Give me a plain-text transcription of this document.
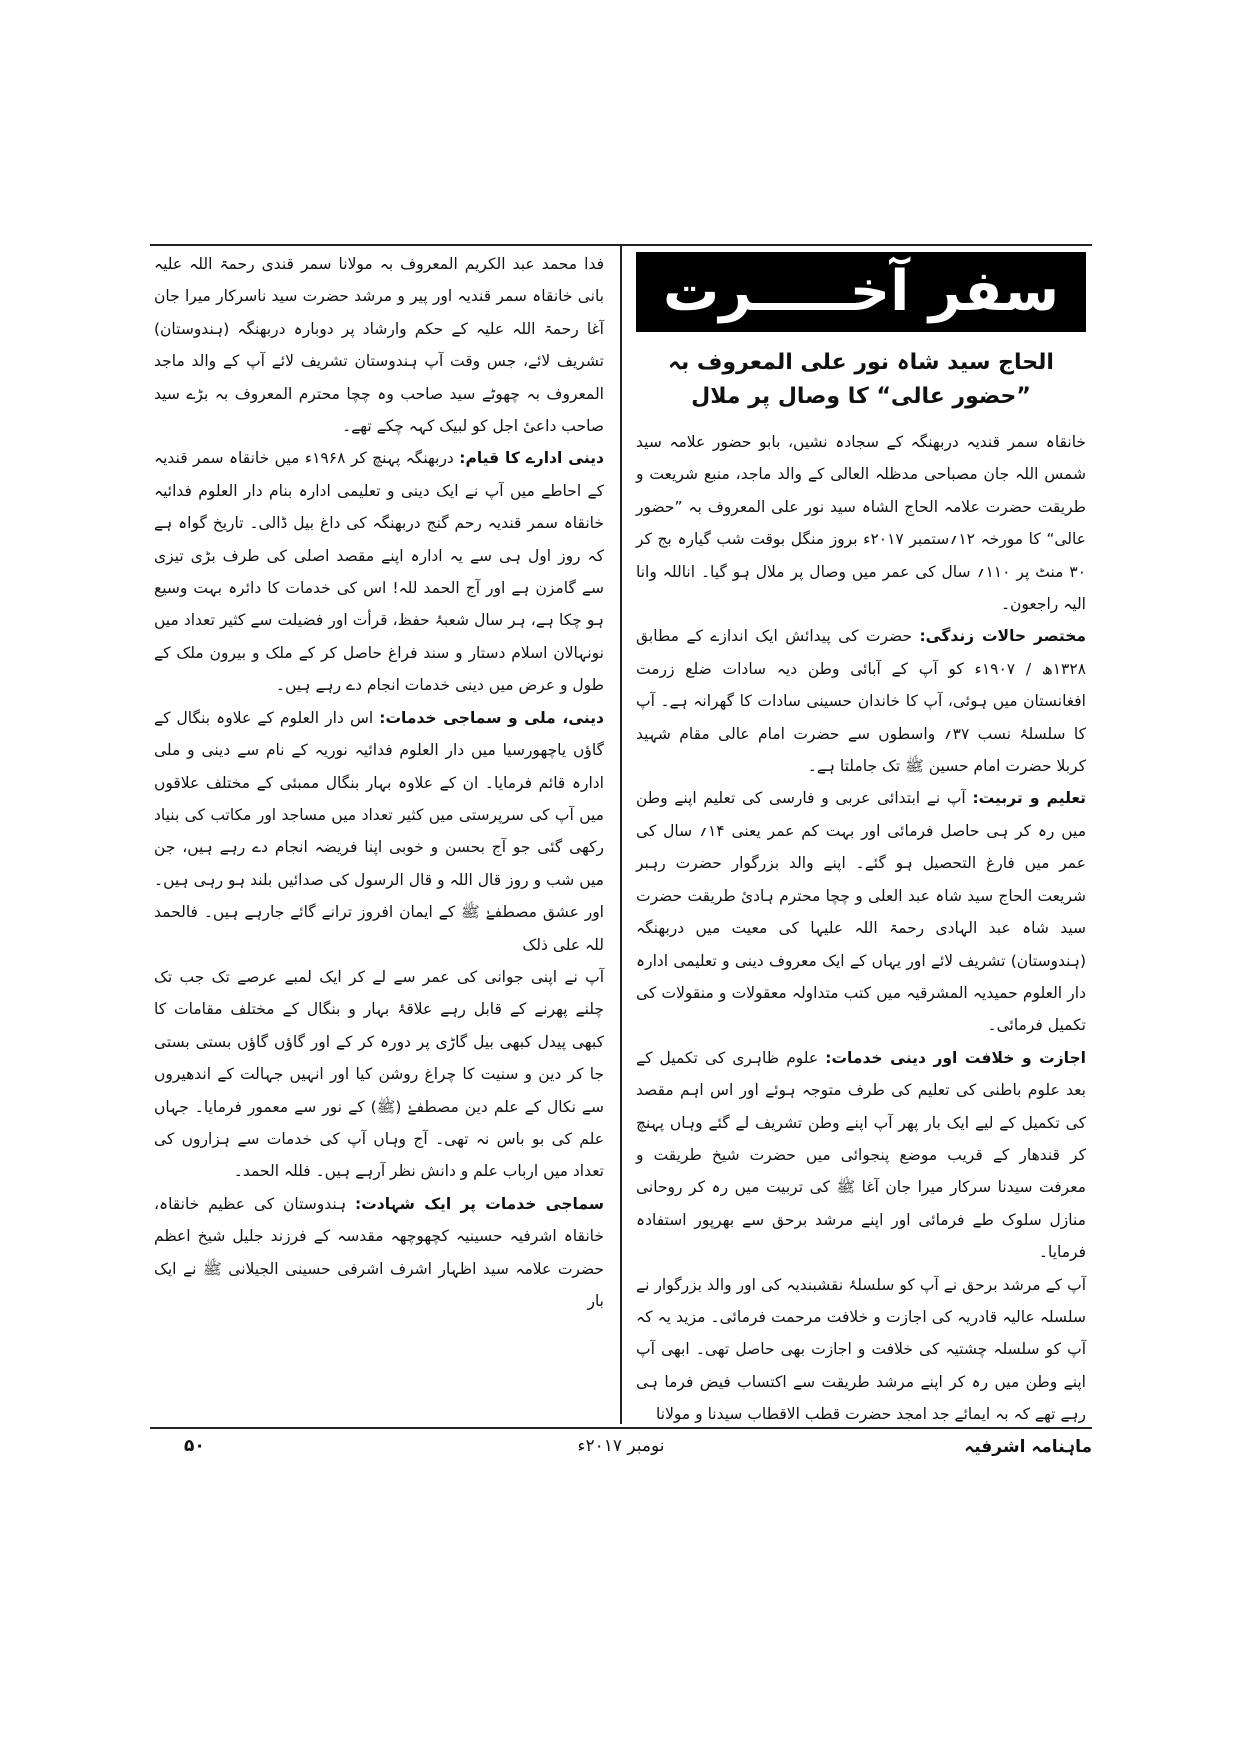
سفر آخـــــرت
الحاج سید شاہ نور علی المعروف بہ ”حضور عالی“ کا وصال پر ملال

خانقاہ سمر قندیہ دربھنگہ کے سجادہ نشیں، بابو حضور علامہ سید شمس اللہ جان مصباحی مدظلہ العالی کے والد ماجد، منبع شریعت و طریقت حضرت علامہ الحاج الشاہ سید نور علی المعروف بہ ”حضور عالی“ کا مورخہ ۱۲؍ستمبر ۲۰۱۷ء بروز منگل بوقت شب گیارہ بج کر ۳۰ منٹ پر ۱۱۰؍ سال کی عمر میں وصال پر ملال ہو گیا۔ اناللہ وانا الیہ راجعون۔

مختصر حالات زندگی: حضرت کی پیدائش ایک اندازے کے مطابق ۱۳۲۸ھ / ۱۹۰۷ء کو آپ کے آبائی وطن دیہ سادات ضلع زرمت افغانستان میں ہوئی، آپ کا خاندان حسینی سادات کا گھرانہ ہے۔ آپ کا سلسلۂ نسب ۳۷؍ واسطوں سے حضرت امام عالی مقام شہید کربلا حضرت امام حسین ﷺ تک جاملتا ہے۔

تعلیم و تربیت: آپ نے ابتدائی عربی و فارسی کی تعلیم اپنے وطن میں رہ کر ہی حاصل فرمائی اور بہت کم عمر یعنی ۱۴؍ سال کی عمر میں فارغ التحصیل ہو گئے۔ اپنے والد بزرگوار حضرت رہبر شریعت الحاج سید شاہ عبد العلی و چچا محترم ہادیٔ طریقت حضرت سید شاہ عبد الہادی رحمۃ اللہ علیہا کی معیت میں دربھنگہ (ہندوستان) تشریف لائے اور یہاں کے ایک معروف دینی و تعلیمی ادارہ دار العلوم حمیدیہ المشرقیہ میں کتب متداولہ معقولات و منقولات کی تکمیل فرمائی۔

اجازت و خلافت اور دینی خدمات: علوم ظاہری کی تکمیل کے بعد علوم باطنی کی تعلیم کی طرف متوجہ ہوئے اور اس اہم مقصد کی تکمیل کے لیے ایک بار پھر آپ اپنے وطن تشریف لے گئے وہاں پہنچ کر قندھار کے قریب موضع پنجوائی میں حضرت شیخ طریقت و معرفت سیدنا سرکار میرا جان آغا ﷺ کی تربیت میں رہ کر روحانی منازل سلوک طے فرمائی اور اپنے مرشد برحق سے بھرپور استفادہ فرمایا۔

آپ کے مرشد برحق نے آپ کو سلسلۂ نقشبندیہ کی اور والد بزرگوار نے سلسلہ عالیہ قادریہ کی اجازت و خلافت مرحمت فرمائی۔ مزید یہ کہ آپ کو سلسلہ چشتیہ کی خلافت و اجازت بھی حاصل تھی۔ ابھی آپ اپنے وطن میں رہ کر اپنے مرشد طریقت سے اکتساب فیض فرما ہی رہے تھے کہ بہ ایمائے جد امجد حضرت قطب الاقطاب سیدنا و مولانا

فدا محمد عبد الکریم المعروف بہ مولانا سمر قندی رحمۃ اللہ علیہ بانی خانقاہ سمر قندیہ اور پیر و مرشد حضرت سید ناسرکار میرا جان آغا رحمۃ اللہ علیہ کے حکم وارشاد پر دوبارہ دربھنگہ (ہندوستان) تشریف لائے، جس وقت آپ ہندوستان تشریف لائے آپ کے والد ماجد المعروف بہ چھوٹے سید صاحب وہ چچا محترم المعروف بہ بڑے سید صاحب داعیٔ اجل کو لبیک کہہ چکے تھے۔

دینی ادارے کا قیام: دربھنگہ پہنچ کر ۱۹۶۸ء میں خانقاہ سمر قندیہ کے احاطے میں آپ نے ایک دینی و تعلیمی ادارہ بنام دار العلوم فدائیہ خانقاہ سمر قندیہ رحم گنج دربھنگہ کی داغ بیل ڈالی۔ تاریخ گواہ ہے کہ روز اول ہی سے یہ ادارہ اپنے مقصد اصلی کی طرف بڑی تیزی سے گامزن ہے اور آج الحمد للہ! اس کی خدمات کا دائرہ بہت وسیع ہو چکا ہے، ہر سال شعبۂ حفظ، قرأت اور فضیلت سے کثیر تعداد میں نونہالان اسلام دستار و سند فراغ حاصل کر کے ملک و بیرون ملک کے طول و عرض میں دینی خدمات انجام دے رہے ہیں۔

دینی، ملی و سماجی خدمات: اس دار العلوم کے علاوہ بنگال کے گاؤں یاچھورسیا میں دار العلوم فدائیہ نوریہ کے نام سے دینی و ملی ادارہ قائم فرمایا۔ ان کے علاوہ بہار بنگال ممبئی کے مختلف علاقوں میں آپ کی سرپرستی میں کثیر تعداد میں مساجد اور مکاتب کی بنیاد رکھی گئی جو آج بحسن و خوبی اپنا فریضہ انجام دے رہے ہیں، جن میں شب و روز قال اللہ و قال الرسول کی صدائیں بلند ہو رہی ہیں۔ اور عشق مصطفےٰ ﷺ کے ایمان افروز ترانے گائے جارہے ہیں۔ فالحمد للہ علی ذلک

آپ نے اپنی جوانی کی عمر سے لے کر ایک لمبے عرصے تک جب تک چلنے پھرنے کے قابل رہے علاقۂ بہار و بنگال کے مختلف مقامات کا کبھی پیدل کبھی بیل گاڑی پر دورہ کر کے اور گاؤں گاؤں بستی بستی جا کر دین و سنیت کا چراغ روشن کیا اور انہیں جہالت کے اندھیروں سے نکال کے علم دین مصطفےٰ (ﷺ) کے نور سے معمور فرمایا۔ جہاں علم کی بو باس نہ تھی۔ آج وہاں آپ کی خدمات سے ہزاروں کی تعداد میں ارباب علم و دانش نظر آرہے ہیں۔ فللہ الحمد۔

سماجی خدمات پر ایک شہادت: ہندوستان کی عظیم خانقاہ، خانقاہ اشرفیہ حسینیہ کچھوچھہ مقدسہ کے فرزند جلیل شیخ اعظم حضرت علامہ سید اظہار اشرف اشرفی حسینی الجیلانی ﷺ نے ایک بار

ماہنامہ اشرفیہ
نومبر ۲۰۱۷ء
۵۰
